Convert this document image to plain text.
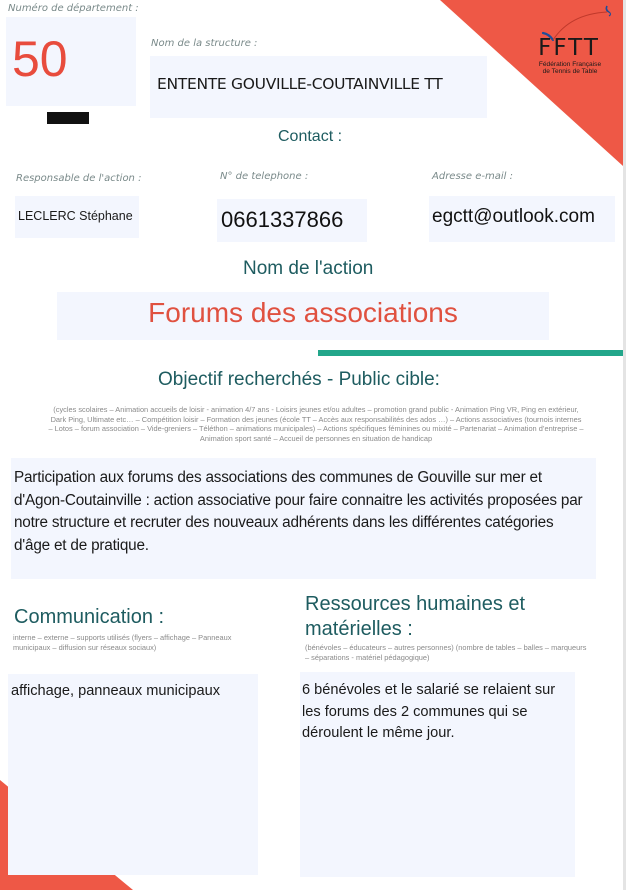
FFTT
Fédération Française
de Tennis de Table
Numéro de département :
50	Nom de la structure :
ENTENTE GOUVILLE-COUTAINVILLE TT
Contact :
Responsable de l'action :
LECLERC Stéphane
N° de telephone :
0661337866
Adresse e-mail :
egctt@outlook.com
Nom de l'action
Forums des associations
Objectif recherchés - Public cible:
(cycles scolaires – Animation accueils de loisir - animation 4/7 ans - Loisirs jeunes et/ou adultes – promotion grand public - Animation Ping VR, Ping en extérieur, Dark Ping, Ultimate etc… – Compétition loisir – Formation des jeunes (école TT – Accès aux responsabilités des ados …) – Actions associatives (tournois internes – Lotos – forum association – Vide-greniers – Téléthon – animations municipales) – Actions spécifiques féminines ou mixité – Partenariat – Animation d’entreprise – Animation sport santé – Accueil de personnes en situation de handicap
Participation aux forums des associations des communes de Gouville sur mer et d'Agon-Coutainville : action associative pour faire connaitre les activités proposées par notre structure et recruter des nouveaux adhérents dans les différentes catégories d'âge et de pratique.
Communication :
interne – externe – supports utilisés (flyers – affichage – Panneaux municipaux – diffusion sur réseaux sociaux)
affichage, panneaux municipaux
Ressources humaines et matérielles :
(bénévoles – éducateurs – autres personnes) (nombre de tables – balles – marqueurs – séparations - matériel pédagogique)
6 bénévoles et le salarié se relaient sur les forums des 2 communes qui se déroulent le même jour.
